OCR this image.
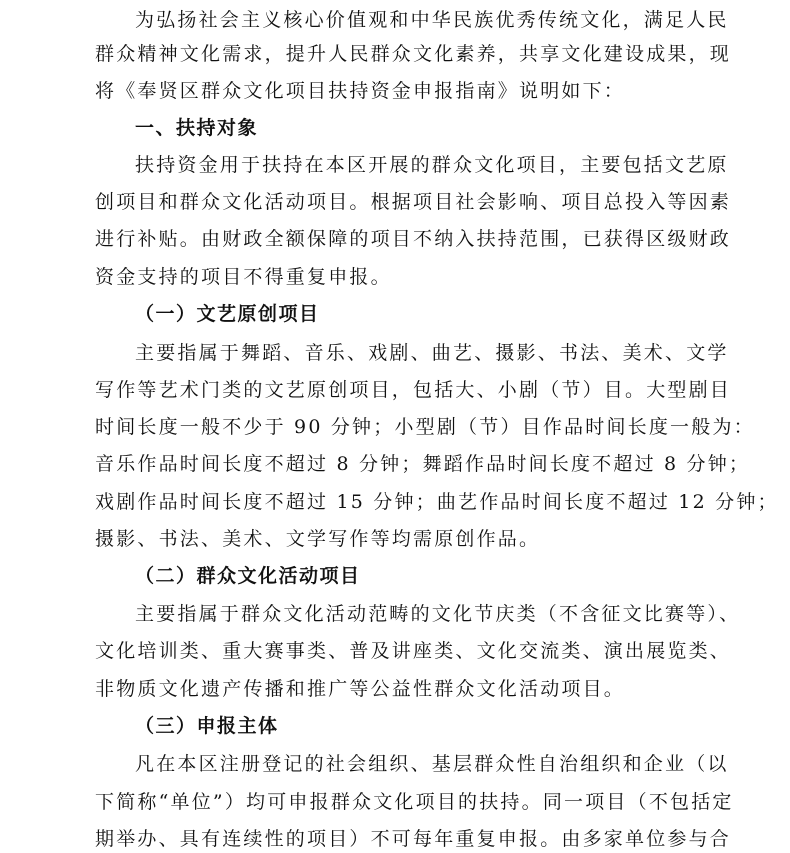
为弘扬社会主义核心价值观和中华民族优秀传统文化，满足人民
群众精神文化需求，提升人民群众文化素养，共享文化建设成果，现
将《奉贤区群众文化项目扶持资金申报指南》说明如下：
一、扶持对象
扶持资金用于扶持在本区开展的群众文化项目，主要包括文艺原
创项目和群众文化活动项目。根据项目社会影响、项目总投入等因素
进行补贴。由财政全额保障的项目不纳入扶持范围，已获得区级财政
资金支持的项目不得重复申报。
（一）文艺原创项目
主要指属于舞蹈、音乐、戏剧、曲艺、摄影、书法、美术、文学
写作等艺术门类的文艺原创项目，包括大、小剧（节）目。大型剧目
时间长度一般不少于 90 分钟；小型剧（节）目作品时间长度一般为：
音乐作品时间长度不超过 8 分钟；舞蹈作品时间长度不超过 8 分钟；
戏剧作品时间长度不超过 15 分钟；曲艺作品时间长度不超过 12 分钟；
摄影、书法、美术、文学写作等均需原创作品。
（二）群众文化活动项目
主要指属于群众文化活动范畴的文化节庆类（不含征文比赛等）、
文化培训类、重大赛事类、普及讲座类、文化交流类、演出展览类、
非物质文化遗产传播和推广等公益性群众文化活动项目。
（三）申报主体
凡在本区注册登记的社会组织、基层群众性自治组织和企业（以
下简称“单位”）均可申报群众文化项目的扶持。同一项目（不包括定
期举办、具有连续性的项目）不可每年重复申报。由多家单位参与合
